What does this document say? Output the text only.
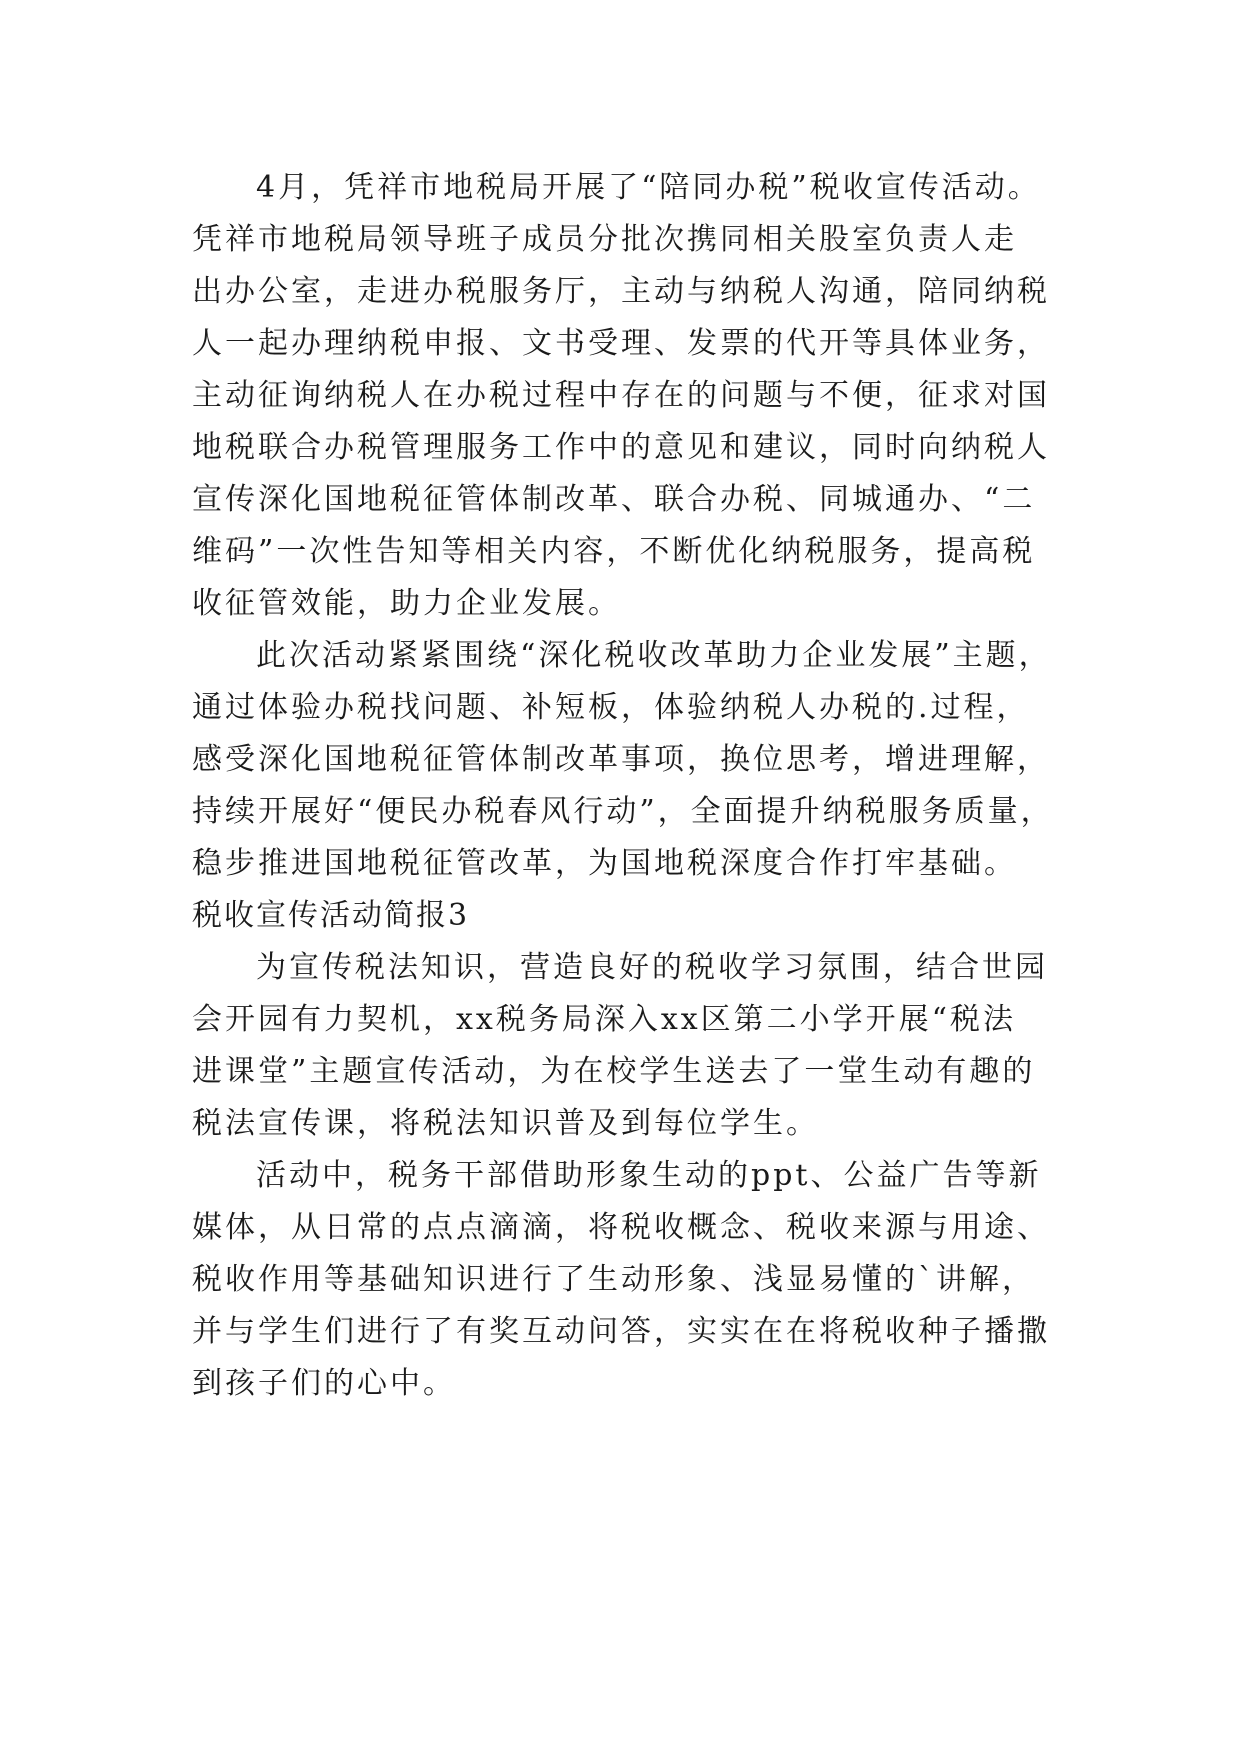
4月，凭祥市地税局开展了“陪同办税”税收宣传活动。
凭祥市地税局领导班子成员分批次携同相关股室负责人走
出办公室，走进办税服务厅，主动与纳税人沟通，陪同纳税
人一起办理纳税申报、文书受理、发票的代开等具体业务，
主动征询纳税人在办税过程中存在的问题与不便，征求对国
地税联合办税管理服务工作中的意见和建议，同时向纳税人
宣传深化国地税征管体制改革、联合办税、同城通办、“二
维码”一次性告知等相关内容，不断优化纳税服务，提高税
收征管效能，助力企业发展。
此次活动紧紧围绕“深化税收改革助力企业发展”主题，
通过体验办税找问题、补短板，体验纳税人办税的.过程，
感受深化国地税征管体制改革事项，换位思考，增进理解，
持续开展好“便民办税春风行动”，全面提升纳税服务质量，
稳步推进国地税征管改革，为国地税深度合作打牢基础。
税收宣传活动简报3
为宣传税法知识，营造良好的税收学习氛围，结合世园
会开园有力契机，xx税务局深入xx区第二小学开展“税法
进课堂”主题宣传活动，为在校学生送去了一堂生动有趣的
税法宣传课，将税法知识普及到每位学生。
活动中，税务干部借助形象生动的ppt、公益广告等新
媒体，从日常的点点滴滴，将税收概念、税收来源与用途、
税收作用等基础知识进行了生动形象、浅显易懂的`讲解，
并与学生们进行了有奖互动问答，实实在在将税收种子播撒
到孩子们的心中。
